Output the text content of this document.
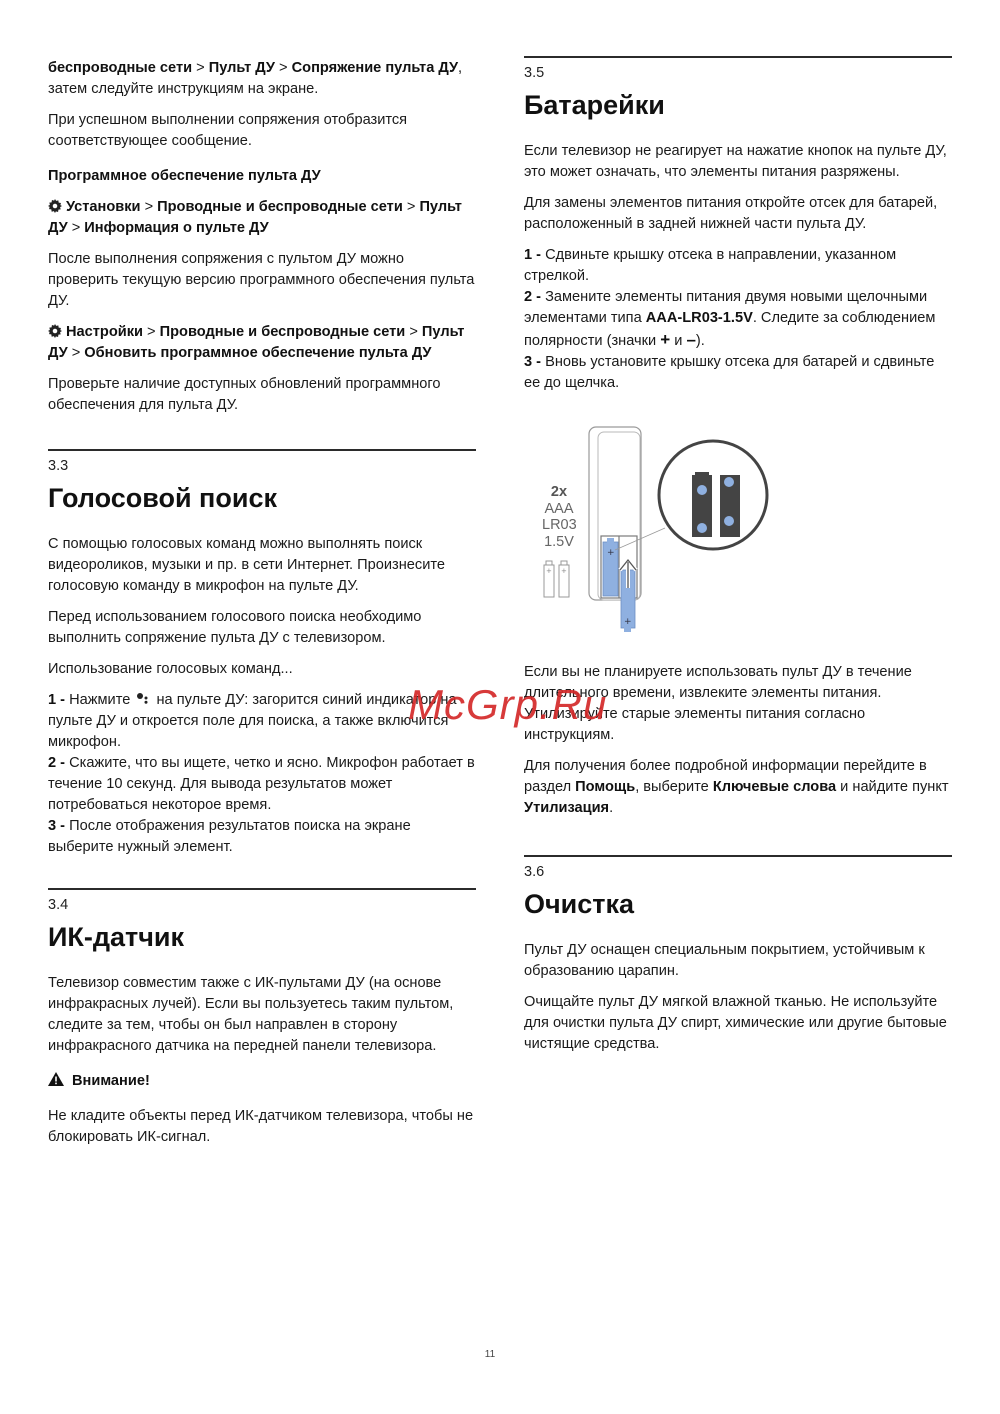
беспроводные сети > Пульт ДУ > Сопряжение пульта ДУ, затем следуйте инструкциям на экране.

При успешном выполнении сопряжения отобразится соответствующее сообщение.

Программное обеспечение пульта ДУ

Установки > Проводные и беспроводные сети > Пульт ДУ > Информация о пульте ДУ

После выполнения сопряжения с пультом ДУ можно проверить текущую версию программного обеспечения пульта ДУ.

Настройки > Проводные и беспроводные сети > Пульт ДУ > Обновить программное обеспечение пульта ДУ

Проверьте наличие доступных обновлений программного обеспечения для пульта ДУ.

3.3
Голосовой поиск

С помощью голосовых команд можно выполнять поиск видеороликов, музыки и пр. в сети Интернет. Произнесите голосовую команду в микрофон на пульте ДУ.

Перед использованием голосового поиска необходимо выполнить сопряжение пульта ДУ с телевизором.

Использование голосовых команд...

1 - Нажмите на пульте ДУ: загорится синий индикатор на пульте ДУ и откроется поле для поиска, а также включится микрофон.

2 - Скажите, что вы ищете, четко и ясно. Микрофон работает в течение 10 секунд. Для вывода результатов может потребоваться некоторое время.

3 - После отображения результатов поиска на экране выберите нужный элемент.

3.4
ИК-датчик

Телевизор совместим также с ИК-пультами ДУ (на основе инфракрасных лучей). Если вы пользуетесь таким пультом, следите за тем, чтобы он был направлен в сторону инфракрасного датчика на передней панели телевизора.

Внимание!

Не кладите объекты перед ИК-датчиком телевизора, чтобы не блокировать ИК-сигнал.

3.5
Батарейки

Если телевизор не реагирует на нажатие кнопок на пульте ДУ, это может означать, что элементы питания разряжены.

Для замены элементов питания откройте отсек для батарей, расположенный в задней нижней части пульта ДУ.

1 - Сдвиньте крышку отсека в направлении, указанном стрелкой.

2 - Замените элементы питания двумя новыми щелочными элементами типа AAA-LR03-1.5V. Следите за соблюдением полярности (значки + и –).

3 - Вновь установите крышку отсека для батарей и сдвиньте ее до щелчка.

Если вы не планируете использовать пульт ДУ в течение длительного времени, извлеките элементы питания. Утилизируйте старые элементы питания согласно инструкциям.

Для получения более подробной информации перейдите в раздел Помощь, выберите Ключевые слова и найдите пункт Утилизация.

3.6
Очистка

Пульт ДУ оснащен специальным покрытием, устойчивым к образованию царапин.

Очищайте пульт ДУ мягкой влажной тканью. Не используйте для очистки пульта ДУ спирт, химические или другие бытовые чистящие средства.

+
+
+ +
2x
AAA
LR03
1.5V
McGrp.Ru
11
